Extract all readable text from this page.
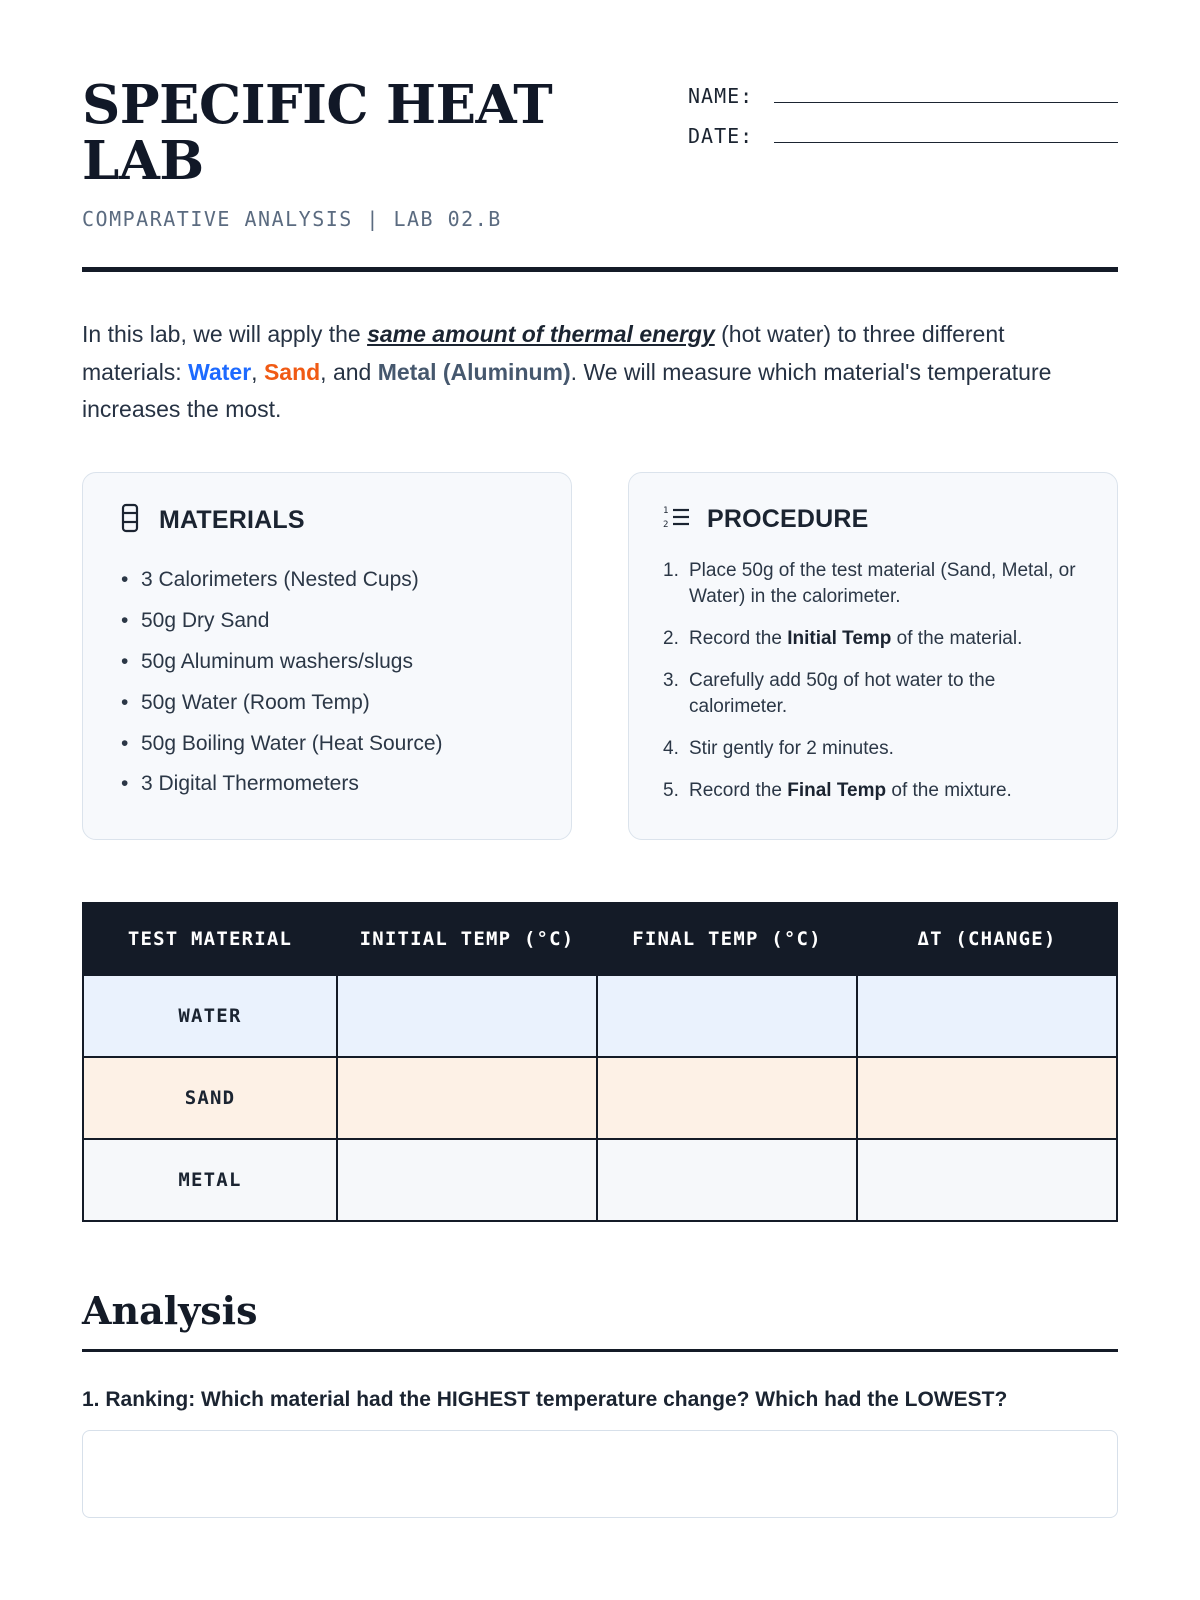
SPECIFIC HEAT LAB
COMPARATIVE ANALYSIS | LAB 02.B
NAME:
DATE:

In this lab, we will apply the same amount of thermal energy (hot water) to three different materials: Water, Sand, and Metal (Aluminum). We will measure which material's temperature increases the most.

MATERIALS
• 3 Calorimeters (Nested Cups)
• 50g Dry Sand
• 50g Aluminum washers/slugs
• 50g Water (Room Temp)
• 50g Boiling Water (Heat Source)
• 3 Digital Thermometers
1
2 PROCEDURE
1. Place 50g of the test material (Sand, Metal, or Water) in the calorimeter.
2. Record the Initial Temp of the material.
3. Carefully add 50g of hot water to the calorimeter.
4. Stir gently for 2 minutes.
5. Record the Final Temp of the mixture.
TEST MATERIAL	INITIAL TEMP (°C)	FINAL TEMP (°C)	ΔT (CHANGE)
WATER			
SAND			
METAL			
Analysis
1. Ranking: Which material had the HIGHEST temperature change? Which had the LOWEST?
